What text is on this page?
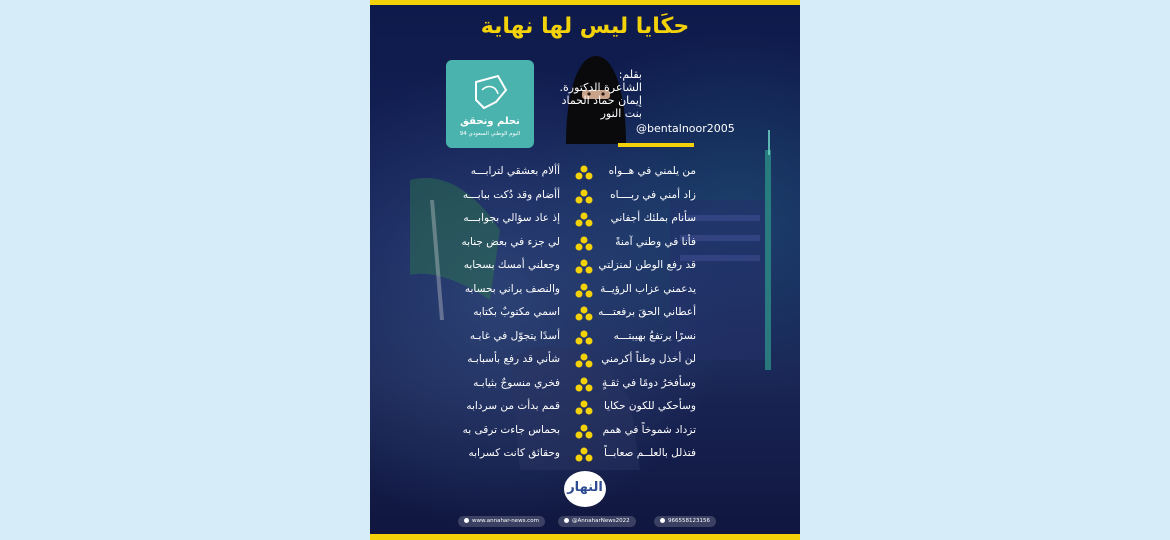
حكَايا ليس لها نهاية
نحلم ونحقق
اليوم الوطني السعودي 94
بقلم:
الشاعرة الدكتورة.
إيمان حماد الحماد
بنت النور
@bentalnoor2005
من يلمني في هــواه
أألام بعشقي لترابـــه
زاد أمني في ربــــاه
أأضام وقد دُكت ببابـــه
سأنام بملئك أجفاني
إذ عاد سؤالي بجوابـــه
فأنا في وطني آمنةً
لي جزء في بعض جنابه
قد رفع الوطن لمنزلتي
وجعلني أمسك بسحابه
يدعمني عزاب الرؤيــة
والنصف يراني بحسابه
أعطاني الحقَ برفعتـــه
اسمي مكتوبٌ بكتابه
نسرًا يرتفعُ بهيبتـــه
أسدًا يتجوّل في غابـه
لن أخذل وطناً أكرمني
شأني قد رفع بأسبابـه
وسأفخرُ دومًا في ثقـةٍ
فخري منسوجٌ بثيابـه
وسأحكي للكون حكايا
قمم بدأت من سردابه
تزداد شموخاً في همم
بحماس جاءت ترقى به
فتذلل بالعلــم صعابــاً
وحقائق كانت كسرابه
النهار
www.annahar-news.com	@AnnaharNews2022	966558123156
